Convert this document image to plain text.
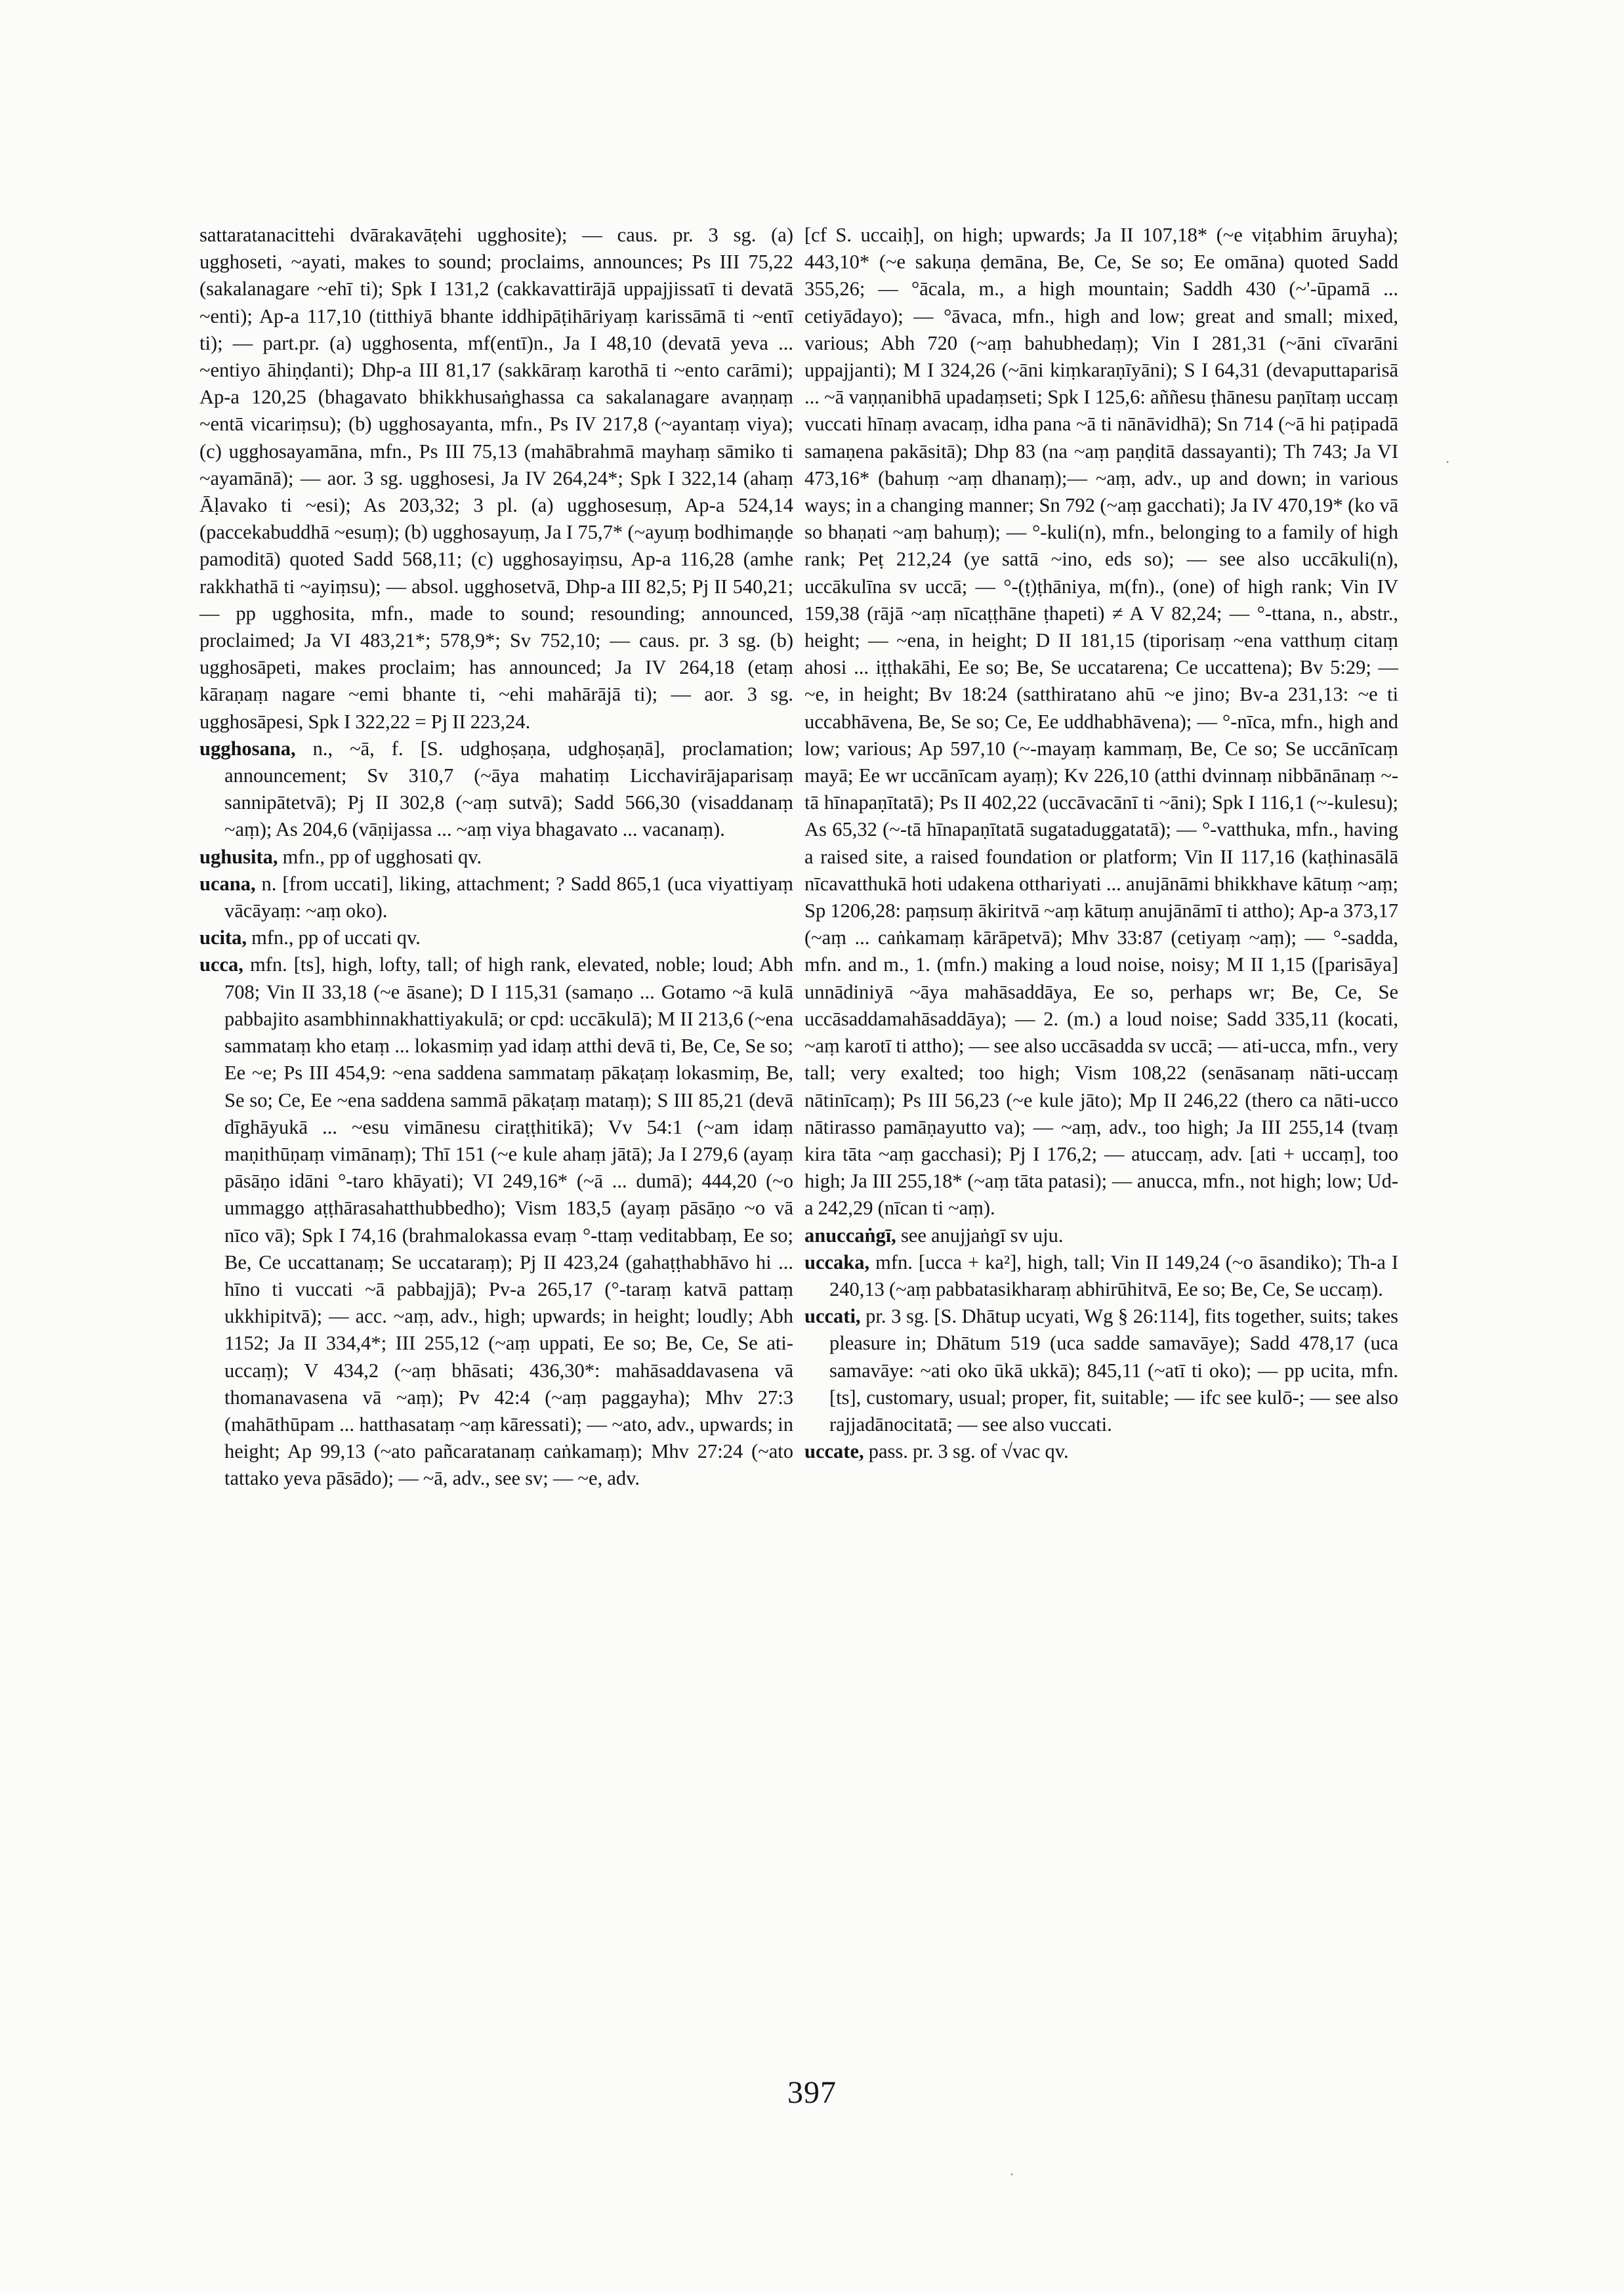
sattaratanacittehi dvārakavāṭehi ugghosite); — caus. pr. 3 sg. (a) ugghoseti, ~ayati, makes to sound; proclaims, announces; Ps III 75,22 (sakalanagare ~ehī ti); Spk I 131,2 (cakkavattirājā uppajjissatī ti devatā ~enti); Ap-a 117,10 (titthiyā bhante iddhipāṭihāriyaṃ karissāmā ti ~entī ti); — part.pr. (a) ugghosenta, mf(entī)n., Ja I 48,10 (devatā yeva ... ~entiyo āhiṇḍanti); Dhp-a III 81,17 (sakkāraṃ karothā ti ~ento carāmi); Ap-a 120,25 (bhagavato bhikkhusaṅghassa ca sakalanagare avaṇṇaṃ ~entā vicariṃsu); (b) ugghosayanta, mfn., Ps IV 217,8 (~ayantaṃ viya); (c) ugghosayamāna, mfn., Ps III 75,13 (mahābrahmā mayhaṃ sāmiko ti ~ayamānā); — aor. 3 sg. ugghosesi, Ja IV 264,24*; Spk I 322,14 (ahaṃ Āḷavako ti ~esi); As 203,32; 3 pl. (a) ugghosesuṃ, Ap-a 524,14 (paccekabuddhā ~esuṃ); (b) ugghosayuṃ, Ja I 75,7* (~ayuṃ bodhimaṇḍe pamoditā) quoted Sadd 568,11; (c) ugghosayiṃsu, Ap-a 116,28 (amhe rakkhathā ti ~ayiṃsu); — absol. ugghosetvā, Dhp-a III 82,5; Pj II 540,21; — pp ugghosita, mfn., made to sound; resounding; announced, proclaimed; Ja VI 483,21*; 578,9*; Sv 752,10; — caus. pr. 3 sg. (b) ugghosāpeti, makes proclaim; has announced; Ja IV 264,18 (etaṃ kāraṇaṃ nagare ~emi bhante ti, ~ehi mahārājā ti); — aor. 3 sg. ugghosāpesi, Spk I 322,22 = Pj II 223,24.

ugghosana, n., ~ā, f. [S. udghoṣaṇa, udghoṣaṇā], proclamation; announcement; Sv 310,7 (~āya mahatiṃ Licchavirājaparisaṃ sannipātetvā); Pj II 302,8 (~aṃ sutvā); Sadd 566,30 (visaddanaṃ ~aṃ); As 204,6 (vāṇijassa ... ~aṃ viya bhagavato ... vacanaṃ).

ughusita, mfn., pp of ugghosati qv.

ucana, n. [from uccati], liking, attachment; ? Sadd 865,1 (uca viyattiyaṃ vācāyaṃ: ~aṃ oko).

ucita, mfn., pp of uccati qv.

ucca, mfn. [ts], high, lofty, tall; of high rank, elevated, noble; loud; Abh 708; Vin II 33,18 (~e āsane); D I 115,31 (samaṇo ... Gotamo ~ā kulā pabbajito asambhinnakhattiyakulā; or cpd: uccākulā); M II 213,6 (~ena sammataṃ kho etaṃ ... lokasmiṃ yad idaṃ atthi devā ti, Be, Ce, Se so; Ee ~e; Ps III 454,9: ~ena saddena sammataṃ pākaṭaṃ lokasmiṃ, Be, Se so; Ce, Ee ~ena saddena sammā pākaṭaṃ mataṃ); S III 85,21 (devā dīghāyukā ... ~esu vimānesu ciraṭṭhitikā); Vv 54:1 (~am idaṃ maṇithūṇaṃ vimānaṃ); Thī 151 (~e kule ahaṃ jātā); Ja I 279,6 (ayaṃ pāsāṇo idāni °-taro khāyati); VI 249,16* (~ā ... dumā); 444,20 (~o ummaggo aṭṭhārasahatthubbedho); Vism 183,5 (ayaṃ pāsāṇo ~o vā nīco vā); Spk I 74,16 (brahmalokassa evaṃ °-ttaṃ veditabbaṃ, Ee so; Be, Ce uccattanaṃ; Se uccataraṃ); Pj II 423,24 (gahaṭṭhabhāvo hi ... hīno ti vuccati ~ā pabbajjā); Pv-a 265,17 (°-taraṃ katvā pattaṃ ukkhipitvā); — acc. ~aṃ, adv., high; upwards; in height; loudly; Abh 1152; Ja II 334,4*; III 255,12 (~aṃ uppati, Ee so; Be, Ce, Se ati-uccaṃ); V 434,2 (~aṃ bhāsati; 436,30*: mahāsaddavasena vā thomanavasena vā ~aṃ); Pv 42:4 (~aṃ paggayha); Mhv 27:3 (mahāthūpam ... hatthasataṃ ~aṃ kāressati); — ~ato, adv., upwards; in height; Ap 99,13 (~ato pañcaratanaṃ caṅkamaṃ); Mhv 27:24 (~ato tattako yeva pāsādo); — ~ā, adv., see sv; — ~e, adv.

[cf S. uccaiḥ], on high; upwards; Ja II 107,18* (~e viṭabhim āruyha); 443,10* (~e sakuṇa ḍemāna, Be, Ce, Se so; Ee omāna) quoted Sadd 355,26; — °ācala, m., a high mountain; Saddh 430 (~'-ūpamā ... cetiyādayo); — °āvaca, mfn., high and low; great and small; mixed, various; Abh 720 (~aṃ bahubhedaṃ); Vin I 281,31 (~āni cīvarāni uppajjanti); M I 324,26 (~āni kiṃkaraṇīyāni); S I 64,31 (devaputtaparisā ... ~ā vaṇṇanibhā upadaṃseti; Spk I 125,6: aññesu ṭhānesu paṇītaṃ uccaṃ vuccati hīnaṃ avacaṃ, idha pana ~ā ti nānāvidhā); Sn 714 (~ā hi paṭipadā samaṇena pakāsitā); Dhp 83 (na ~aṃ paṇḍitā dassayanti); Th 743; Ja VI 473,16* (bahuṃ ~aṃ dhanaṃ);— ~aṃ, adv., up and down; in various ways; in a changing manner; Sn 792 (~aṃ gacchati); Ja IV 470,19* (ko vā so bhaṇati ~aṃ bahuṃ); — °-kuli(n), mfn., belonging to a family of high rank; Peṭ 212,24 (ye sattā ~ino, eds so); — see also uccākuli(n), uccākulīna sv uccā; — °-(ṭ)ṭhāniya, m(fn)., (one) of high rank; Vin IV 159,38 (rājā ~aṃ nīcaṭṭhāne ṭhapeti) ≠ A V 82,24; — °-ttana, n., abstr., height; — ~ena, in height; D II 181,15 (tiporisaṃ ~ena vatthuṃ citaṃ ahosi ... iṭṭhakāhi, Ee so; Be, Se uccatarena; Ce uccattena); Bv 5:29; — ~e, in height; Bv 18:24 (satthiratano ahū ~e jino; Bv-a 231,13: ~e ti uccabhāvena, Be, Se so; Ce, Ee uddhabhāvena); — °-nīca, mfn., high and low; various; Ap 597,10 (~-mayaṃ kammaṃ, Be, Ce so; Se uccānīcaṃ mayā; Ee wr uccānīcam ayaṃ); Kv 226,10 (atthi dvinnaṃ nibbānānaṃ ~-tā hīnapaṇītatā); Ps II 402,22 (uccāvacānī ti ~āni); Spk I 116,1 (~-kulesu); As 65,32 (~-tā hīnapaṇītatā sugataduggatatā); — °-vatthuka, mfn., having a raised site, a raised foundation or platform; Vin II 117,16 (kaṭhinasālā nīcavatthukā hoti udakena otthariyati ... anujānāmi bhikkhave kātuṃ ~aṃ; Sp 1206,28: paṃsuṃ ākiritvā ~aṃ kātuṃ anujānāmī ti attho); Ap-a 373,17 (~aṃ ... caṅkamaṃ kārāpetvā); Mhv 33:87 (cetiyaṃ ~aṃ); — °-sadda, mfn. and m., 1. (mfn.) making a loud noise, noisy; M II 1,15 ([parisāya] unnādiniyā ~āya mahāsaddāya, Ee so, perhaps wr; Be, Ce, Se uccāsaddamahāsaddāya); — 2. (m.) a loud noise; Sadd 335,11 (kocati, ~aṃ karotī ti attho); — see also uccāsadda sv uccā; — ati-ucca, mfn., very tall; very exalted; too high; Vism 108,22 (senāsanaṃ nāti-uccaṃ nātinīcaṃ); Ps III 56,23 (~e kule jāto); Mp II 246,22 (thero ca nāti-ucco nātirasso pamāṇayutto va); — ~aṃ, adv., too high; Ja III 255,14 (tvaṃ kira tāta ~aṃ gacchasi); Pj I 176,2; — atuccaṃ, adv. [ati + uccaṃ], too high; Ja III 255,18* (~aṃ tāta patasi); — anucca, mfn., not high; low; Ud-a 242,29 (nīcan ti ~aṃ).

anuccaṅgī, see anujjaṅgī sv uju.

uccaka, mfn. [ucca + ka²], high, tall; Vin II 149,24 (~o āsandiko); Th-a I 240,13 (~aṃ pabbatasikharaṃ abhirūhitvā, Ee so; Be, Ce, Se uccaṃ).

uccati, pr. 3 sg. [S. Dhātup ucyati, Wg § 26:114], fits together, suits; takes pleasure in; Dhātum 519 (uca sadde samavāye); Sadd 478,17 (uca samavāye: ~ati oko ūkā ukkā); 845,11 (~atī ti oko); — pp ucita, mfn. [ts], customary, usual; proper, fit, suitable; — ifc see kulō-; — see also rajjadānocitatā; — see also vuccati.

uccate, pass. pr. 3 sg. of √vac qv.

397
·
·
